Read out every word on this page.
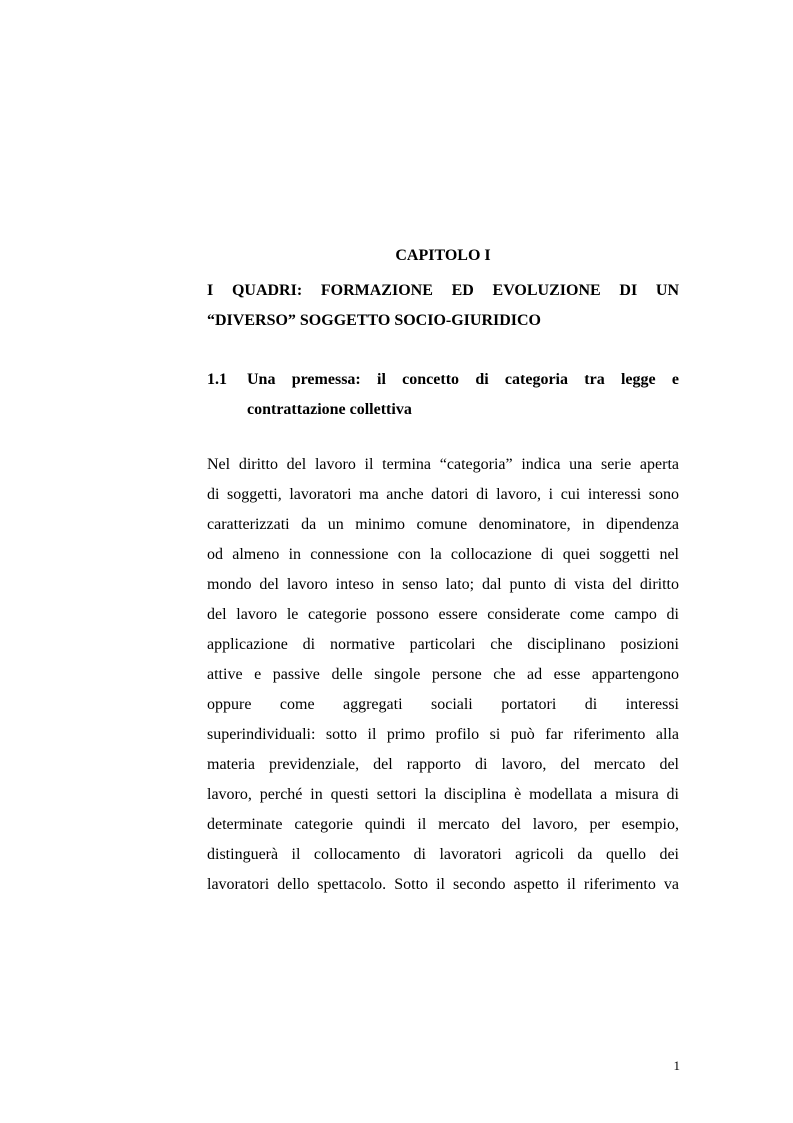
CAPITOLO I
I QUADRI: FORMAZIONE ED EVOLUZIONE DI UN
“DIVERSO” SOGGETTO SOCIO-GIURIDICO
1.1 Una premessa: il concetto di categoria tra legge e
contrattazione collettiva
Nel diritto del lavoro il termina “categoria” indica una serie aperta
di soggetti, lavoratori ma anche datori di lavoro, i cui interessi sono
caratterizzati da un minimo comune denominatore, in dipendenza
od almeno in connessione con la collocazione di quei soggetti nel
mondo del lavoro inteso in senso lato; dal punto di vista del diritto
del lavoro le categorie possono essere considerate come campo di
applicazione di normative particolari che disciplinano posizioni
attive e passive delle singole persone che ad esse appartengono
oppure come aggregati sociali portatori di interessi
superindividuali: sotto il primo profilo si può far riferimento alla
materia previdenziale, del rapporto di lavoro, del mercato del
lavoro, perché in questi settori la disciplina è modellata a misura di
determinate categorie quindi il mercato del lavoro, per esempio,
distinguerà il collocamento di lavoratori agricoli da quello dei
lavoratori dello spettacolo. Sotto il secondo aspetto il riferimento va
1
